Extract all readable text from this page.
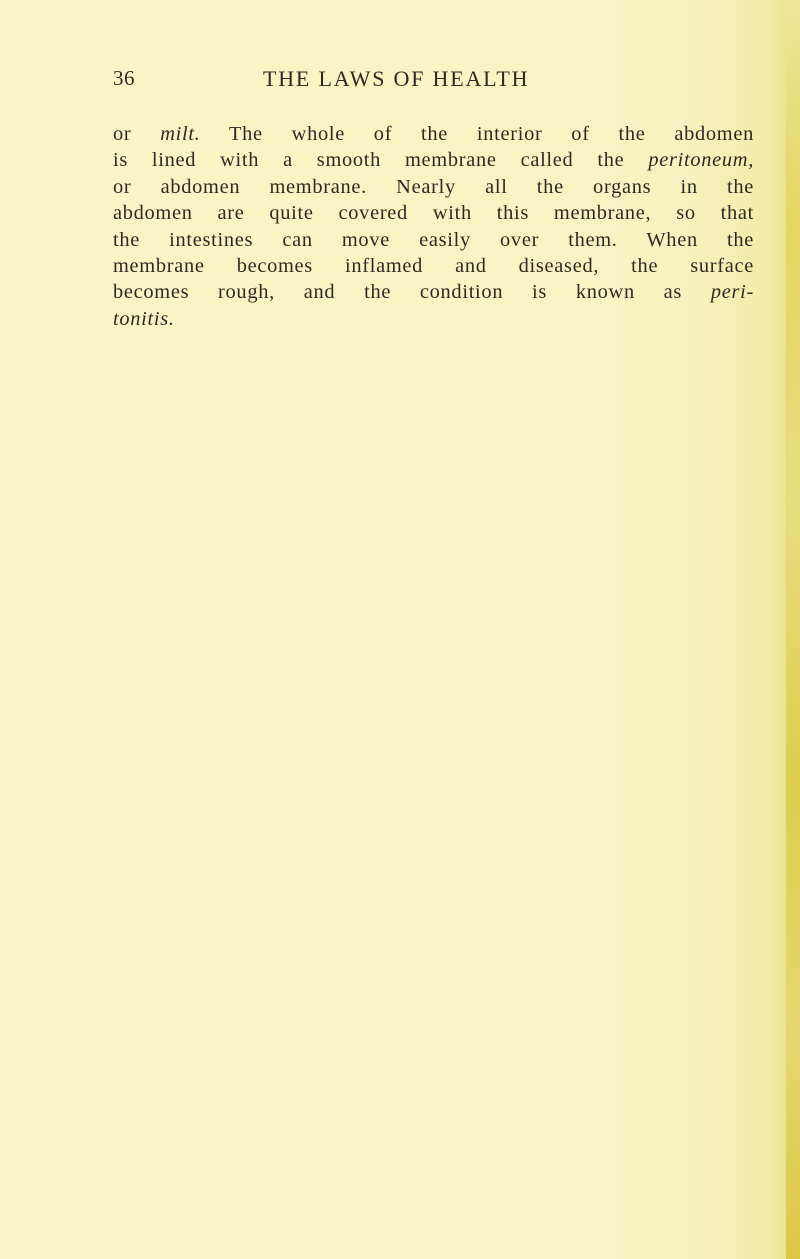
36	THE LAWS OF HEALTH
or milt. The whole of the interior of the abdomen
is lined with a smooth membrane called the peritoneum,
or abdomen membrane. Nearly all the organs in the
abdomen are quite covered with this membrane, so that
the intestines can move easily over them. When the
membrane becomes inflamed and diseased, the surface
becomes rough, and the condition is known as peri-
tonitis.
